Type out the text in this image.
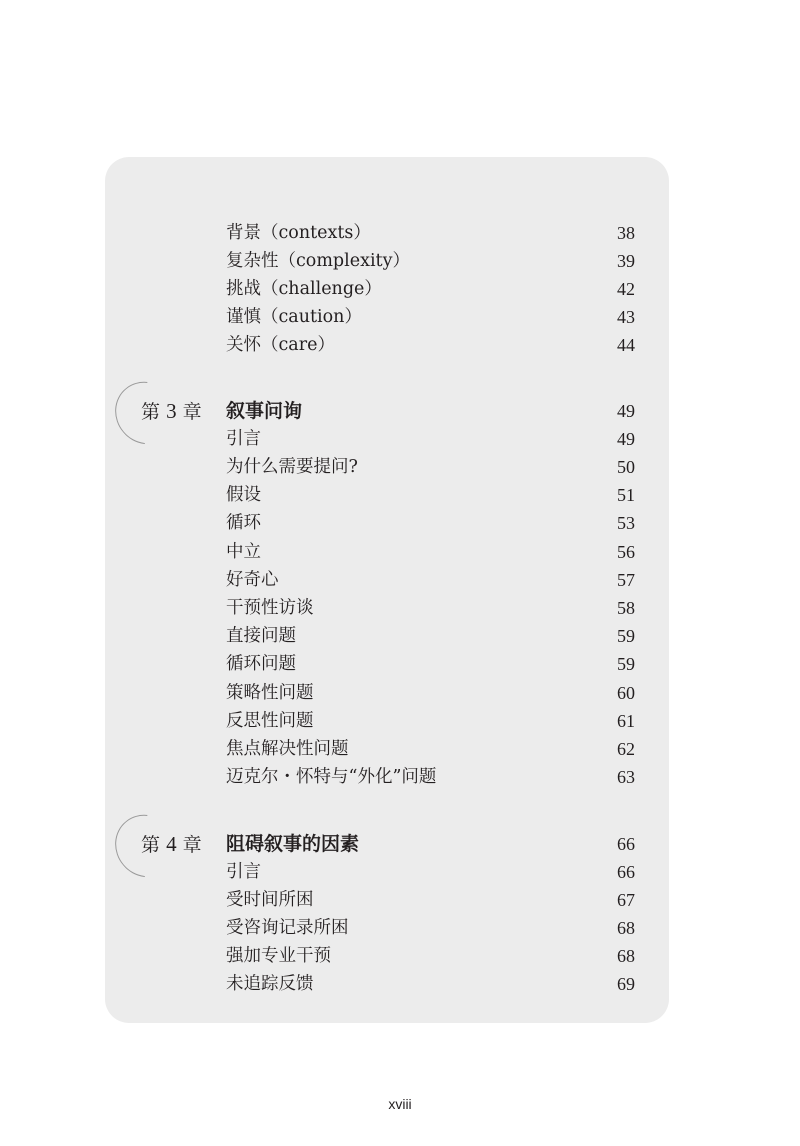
背景（contexts）	38
复杂性（complexity）	39
挑战（challenge）	42
谨慎（caution）	43
关怀（care）	44
第 3 章 叙事问询	49
引言	49
为什么需要提问?	50
假设	51
循环	53
中立	56
好奇心	57
干预性访谈	58
直接问题	59
循环问题	59
策略性问题	60
反思性问题	61
焦点解决性问题	62
迈克尔・怀特与“外化”问题	63
第 4 章 阻碍叙事的因素	66
引言	66
受时间所困	67
受咨询记录所困	68
强加专业干预	68
未追踪反馈	69
xviii
